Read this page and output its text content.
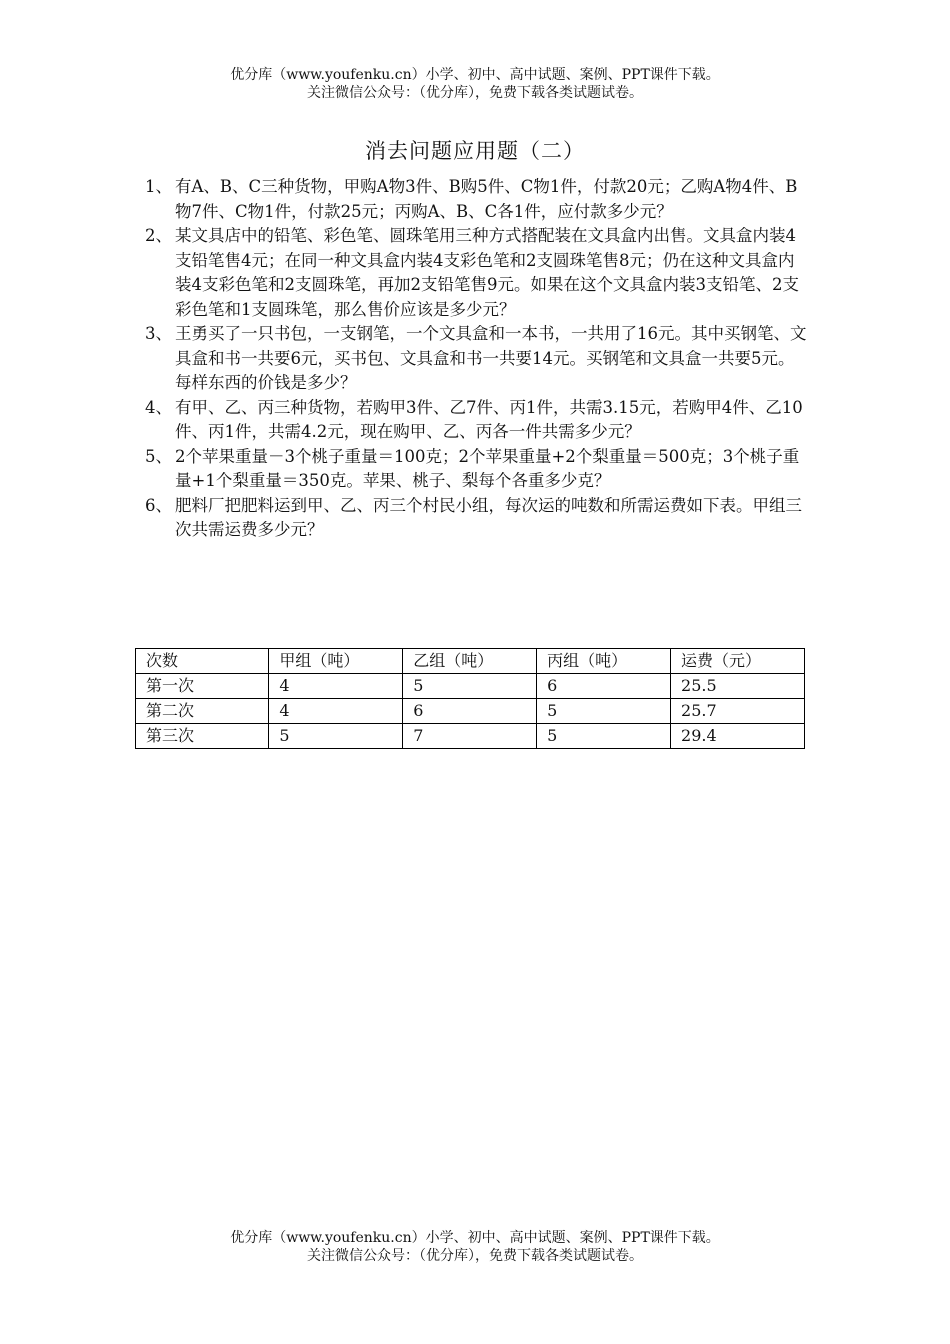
优分库（www.youfenku.cn）小学、初中、高中试题、案例、PPT课件下载。
关注微信公众号：（优分库），免费下载各类试题试卷。
消去问题应用题（二）
1、 有A、B、C三种货物，甲购A物3件、B购5件、C物1件，付款20元；乙购A物4件、B物7件、C物1件，付款25元；丙购A、B、C各1件，应付款多少元？
2、 某文具店中的铅笔、彩色笔、圆珠笔用三种方式搭配装在文具盒内出售。文具盒内装4支铅笔售4元；在同一种文具盒内装4支彩色笔和2支圆珠笔售8元；仍在这种文具盒内装4支彩色笔和2支圆珠笔，再加2支铅笔售9元。如果在这个文具盒内装3支铅笔、2支彩色笔和1支圆珠笔，那么售价应该是多少元？
3、 王勇买了一只书包，一支钢笔，一个文具盒和一本书，一共用了16元。其中买钢笔、文具盒和书一共要6元，买书包、文具盒和书一共要14元。买钢笔和文具盒一共要5元。每样东西的价钱是多少？
4、 有甲、乙、丙三种货物，若购甲3件、乙7件、丙1件，共需3.15元，若购甲4件、乙10件、丙1件，共需4.2元，现在购甲、乙、丙各一件共需多少元？
5、 2个苹果重量－3个桃子重量＝100克；2个苹果重量+2个梨重量＝500克；3个桃子重量+1个梨重量＝350克。苹果、桃子、梨每个各重多少克？
6、 肥料厂把肥料运到甲、乙、丙三个村民小组，每次运的吨数和所需运费如下表。甲组三次共需运费多少元？
次数	甲组（吨）	乙组（吨）	丙组（吨）	运费（元）
第一次	4	5	6	25.5
第二次	4	6	5	25.7
第三次	5	7	5	29.4
优分库（www.youfenku.cn）小学、初中、高中试题、案例、PPT课件下载。
关注微信公众号：（优分库），免费下载各类试题试卷。
